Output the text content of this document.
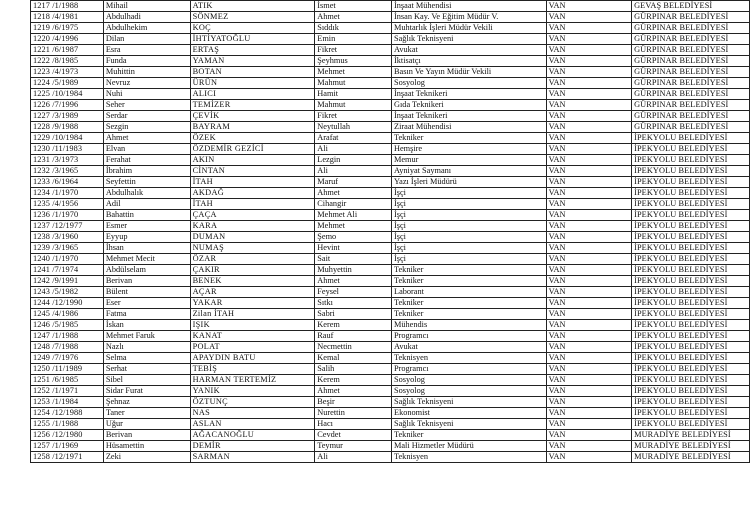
1217 /1/1988	Mihail	ATIK	İsmet	İnşaat Mühendisi	VAN	GEVAŞ BELEDİYESİ
1218 /4/1981	Abdulhadi	SÖNMEZ	Ahmet	İnsan Kay. Ve Eğitim Müdür V.	VAN	GÜRPINAR BELEDİYESİ
1219 /6/1975	Abdulhekim	KOÇ	Sıddık	Muhtarlık İşleri Müdür Vekili	VAN	GÜRPINAR BELEDİYESİ
1220 /4/1996	Dilan	İHTİYATOĞLU	Emin	Sağlık Teknisyeni	VAN	GÜRPINAR BELEDİYESİ
1221 /6/1987	Esra	ERTAŞ	Fikret	Avukat	VAN	GÜRPINAR BELEDİYESİ
1222 /8/1985	Funda	YAMAN	Şeyhmus	İktisatçı	VAN	GÜRPINAR BELEDİYESİ
1223 /4/1973	Muhittin	BOTAN	Mehmet	Basın Ve Yayın Müdür Vekili	VAN	GÜRPINAR BELEDİYESİ
1224 /5/1989	Nevruz	ÜRÜN	Mahmut	Sosyolog	VAN	GÜRPINAR BELEDİYESİ
1225 /10/1984	Nuhi	ALICI	Hamit	İnşaat Teknikeri	VAN	GÜRPINAR BELEDİYESİ
1226 /7/1996	Seher	TEMİZER	Mahmut	Gıda Teknikeri	VAN	GÜRPINAR BELEDİYESİ
1227 /3/1989	Serdar	ÇEVİK	Fikret	İnşaat Teknikeri	VAN	GÜRPINAR BELEDİYESİ
1228 /9/1988	Sezgin	BAYRAM	Neytullah	Ziraat Mühendisi	VAN	GÜRPINAR BELEDİYESİ
1229 /10/1984	Ahmet	ÖZEK	Arafat	Tekniker	VAN	İPEKYOLU BELEDİYESİ
1230 /11/1983	Elvan	ÖZDEMİR GEZİCİ	Ali	Hemşire	VAN	İPEKYOLU BELEDİYESİ
1231 /3/1973	Ferahat	AKIN	Lezgin	Memur	VAN	İPEKYOLU BELEDİYESİ
1232 /3/1965	İbrahim	CİNTAN	Ali	Ayniyat Saymanı	VAN	İPEKYOLU BELEDİYESİ
1233 /6/1964	Seyfettin	İTAH	Maruf	Yazı İşleri Müdürü	VAN	İPEKYOLU BELEDİYESİ
1234 /1/1970	Abdulhalık	AKDAĞ	Ahmet	İşçi	VAN	İPEKYOLU BELEDİYESİ
1235 /4/1956	Adil	İTAH	Cihangir	İşçi	VAN	İPEKYOLU BELEDİYESİ
1236 /1/1970	Bahattin	ÇAÇA	Mehmet Ali	İşçi	VAN	İPEKYOLU BELEDİYESİ
1237 /12/1977	Esmer	KARA	Mehmet	İşçi	VAN	İPEKYOLU BELEDİYESİ
1238 /3/1960	Eyyup	DUMAN	Şemo	İşçi	VAN	İPEKYOLU BELEDİYESİ
1239 /3/1965	İhsan	NUMAŞ	Hevint	İşçi	VAN	İPEKYOLU BELEDİYESİ
1240 /1/1970	Mehmet Mecit	ÖZAR	Sait	İşçi	VAN	İPEKYOLU BELEDİYESİ
1241 /7/1974	Abdülselam	ÇAKIR	Muhyettin	Tekniker	VAN	İPEKYOLU BELEDİYESİ
1242 /9/1991	Berivan	BENEK	Ahmet	Tekniker	VAN	İPEKYOLU BELEDİYESİ
1243 /5/1982	Bülent	AÇAR	Feysel	Laborant	VAN	İPEKYOLU BELEDİYESİ
1244 /12/1990	Eser	YAKAR	Sıtkı	Tekniker	VAN	İPEKYOLU BELEDİYESİ
1245 /4/1986	Fatma	Zilan İTAH	Sabri	Tekniker	VAN	İPEKYOLU BELEDİYESİ
1246 /5/1985	İskan	IŞIK	Kerem	Mühendis	VAN	İPEKYOLU BELEDİYESİ
1247 /1/1988	Mehmet Faruk	KANAT	Rauf	Programcı	VAN	İPEKYOLU BELEDİYESİ
1248 /7/1988	Nazlı	POLAT	Necmettin	Avukat	VAN	İPEKYOLU BELEDİYESİ
1249 /7/1976	Selma	APAYDIN BATU	Kemal	Teknisyen	VAN	İPEKYOLU BELEDİYESİ
1250 /11/1989	Serhat	TEBİŞ	Salih	Programcı	VAN	İPEKYOLU BELEDİYESİ
1251 /6/1985	Sibel	HARMAN TERTEMİZ	Kerem	Sosyolog	VAN	İPEKYOLU BELEDİYESİ
1252 /1/1971	Sidar Furat	YANIK	Ahmet	Sosyolog	VAN	İPEKYOLU BELEDİYESİ
1253 /1/1984	Şehnaz	ÖZTUNÇ	Beşir	Sağlık Teknisyeni	VAN	İPEKYOLU BELEDİYESİ
1254 /12/1988	Taner	NAS	Nurettin	Ekonomist	VAN	İPEKYOLU BELEDİYESİ
1255 /1/1988	Uğur	ASLAN	Hacı	Sağlık Teknisyeni	VAN	İPEKYOLU BELEDİYESİ
1256 /12/1980	Berivan	AĞACANOĞLU	Cevdet	Tekniker	VAN	MURADİYE BELEDİYESİ
1257 /1/1969	Hüsamettin	DEMİR	Teymur	Mali Hizmetler Müdürü	VAN	MURADİYE BELEDİYESİ
1258 /12/1971	Zeki	SARMAN	Ali	Teknisyen	VAN	MURADİYE BELEDİYESİ
